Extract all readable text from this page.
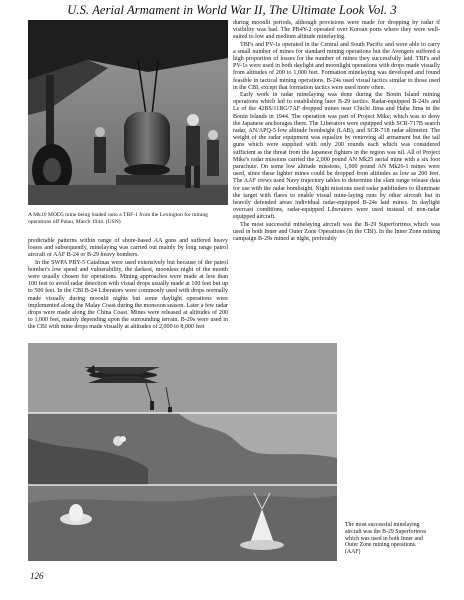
U.S. Aerial Armament in World War II, The Ultimate Look Vol. 3
A Mk10 MOD5 mine being loaded onto a TBF-1 from the Lexington for mining operations off Palau, March 1944. (USN)

predictable patterns within range of shore-based AA guns and suffered heavy losses and subsequently, minelaying was carried out mainly by long range patrol aircraft or AAF B-24 or B-29 heavy bombers.

In the SWPA PBY-5 Catalinas were used extensively but because of the patrol bomber's low speed and vulnerability, the darkest, moonless night of the month were usually chosen for operations. Mining approaches were made at less than 100 feet to avoid radar detection with visual drops usually made at 100 feet but up to 500 feet. In the CBI B-24 Liberators were commonly used with drops normally made visually during moonlit nights but some daylight operations were implemented along the Malay Coast during the monsoon season. Later a few radar drops were made along the China Coast. Mines were released at altitudes of 200 to 1,000 feet, mainly depending upon the surrounding terrain. B-29s were used in the CBI with mine drops made visually at altitudes of 2,000 to 8,000 feet

during moonlit periods, although provisions were made for dropping by radar if visibility was bad. The PB4Y-2 operated over Korean ports where they were well-suited to low and medium altitude minelaying.

TBFs and PV-1s operated in the Central and South Pacific and were able to carry a small number of mines for standard mining operations but the Avengers suffered a high proportion of losses for the number of mines they successfully laid. TBFs and PV-1s were used in both daylight and moonlight operations with drops made visually from altitudes of 200 to 1,000 feet. Formation minelaying was developed and found feasible in tactical mining operations. B-24s used visual tactics similar to those used in the CBI, except that formation tactics were used more often.

Early work in radar minelaying was done during the Bonin Island mining operations which led to establishing later B-29 tactics. Radar-equipped B-24Js and Ls of the 42BS/11BG/7AF dropped mines near Chichi Jima and Haha Jima in the Bonin Islands in 1944. The operation was part of Project Mike; which was to deny the Japanese anchorages there. The Liberators were equipped with SCR-717B search radar, AN/APQ-5 low altitude bombsight (LAB), and SCR-718 radar altimeter. The weight of the radar equipment was equalize by removing all armament but the tail guns which were supplied with only 200 rounds each which was considered sufficient as the threat from the Japanese fighters in the region was nil. All of Project Mike's radar missions carried the 2,000 pound AN Mk25 aerial mine with a six foot parachute. On some low altitude missions, 1,000 pound AN Mk26-1 mines were used, since these lighter mines could be dropped from altitudes as low as 200 feet. The AAF crews used Navy trajectory tables to determine the slant range release data for use with the radar bombsight. Night missions used radar pathfinders to illuminate the target with flares to enable visual mine-laying runs by other aircraft but in heavily defended areas individual radar-equipped B-24s laid mines. In daylight overcast conditions, radar-equipped Liberators were used instead of non-radar equipped aircraft.

The most successful minelaying aircraft was the B-29 Superfortress which was used in both Inner and Outer Zone Operations (in the CBI). In the Inner Zone mining campaign B-29s mined at night, preferably

The most successful minelaying
aircraft was the B-29 Superfortress
which was used in both Inner and
Outer Zone mining operations.
(AAF)
126
